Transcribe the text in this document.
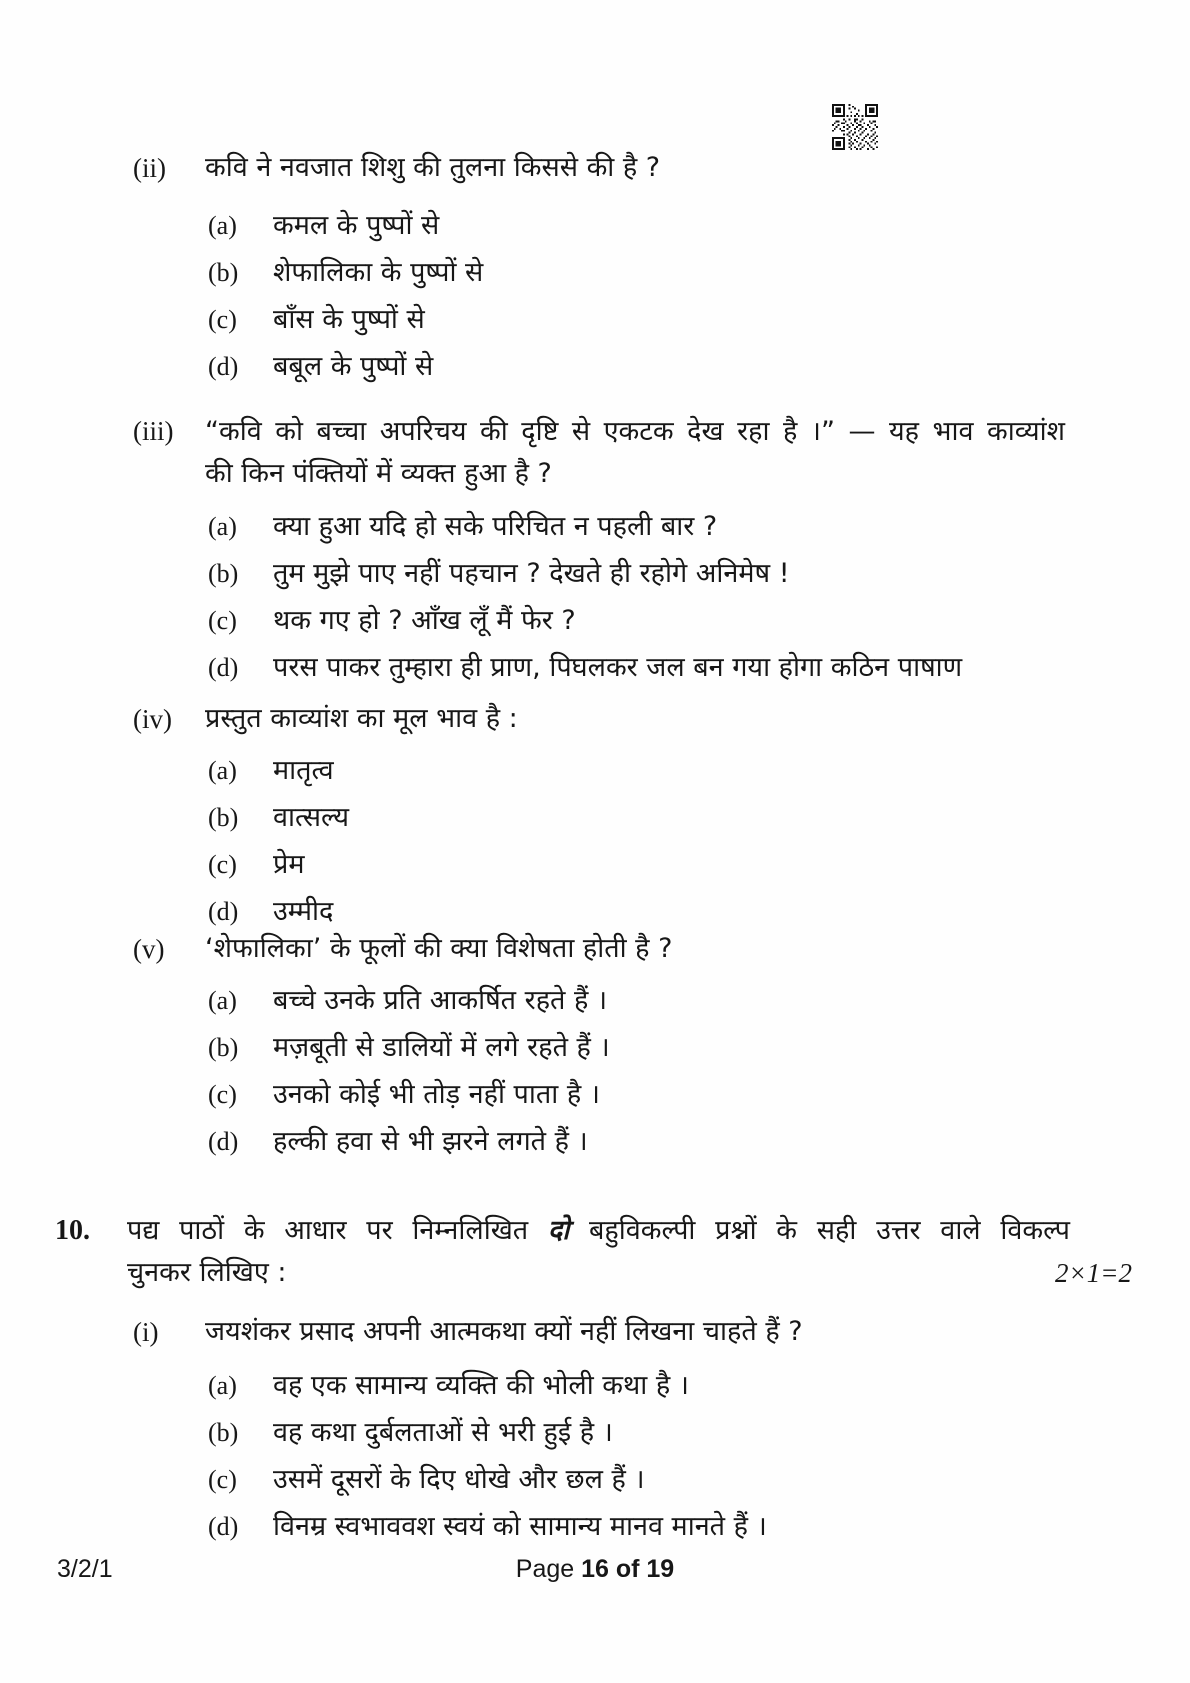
(ii)	कवि ने नवजात शिशु की तुलना किससे की है ?
(a)	कमल के पुष्पों से
(b)	शेफालिका के पुष्पों से
(c)	बाँस के पुष्पों से
(d)	बबूल के पुष्पों से
(iii)	“कवि को बच्चा अपरिचय की दृष्टि से एकटक देख रहा है ।” — यह भाव काव्यांश
की किन पंक्तियों में व्यक्त हुआ है ?
(a)	क्या हुआ यदि हो सके परिचित न पहली बार ?
(b)	तुम मुझे पाए नहीं पहचान ? देखते ही रहोगे अनिमेष !
(c)	थक गए हो ? आँख लूँ मैं फेर ?
(d)	परस पाकर तुम्हारा ही प्राण, पिघलकर जल बन गया होगा कठिन पाषाण
(iv)	प्रस्तुत काव्यांश का मूल भाव है :
(a)	मातृत्व
(b)	वात्सल्य
(c)	प्रेम
(d)	उम्मीद
(v)	‘शेफालिका’ के फूलों की क्या विशेषता होती है ?
(a)	बच्चे उनके प्रति आकर्षित रहते हैं ।
(b)	मज़बूती से डालियों में लगे रहते हैं ।
(c)	उनको कोई भी तोड़ नहीं पाता है ।
(d)	हल्की हवा से भी झरने लगते हैं ।
10.	पद्य पाठों के आधार पर निम्नलिखित दो बहुविकल्पी प्रश्नों के सही उत्तर वाले विकल्प
चुनकर लिखिए :	2×1=2
(i)	जयशंकर प्रसाद अपनी आत्मकथा क्यों नहीं लिखना चाहते हैं ?
(a)	वह एक सामान्य व्यक्ति की भोली कथा है ।
(b)	वह कथा दुर्बलताओं से भरी हुई है ।
(c)	उसमें दूसरों के दिए धोखे और छल हैं ।
(d)	विनम्र स्वभाववश स्वयं को सामान्य मानव मानते हैं ।
3/2/1	Page 16 of 19
